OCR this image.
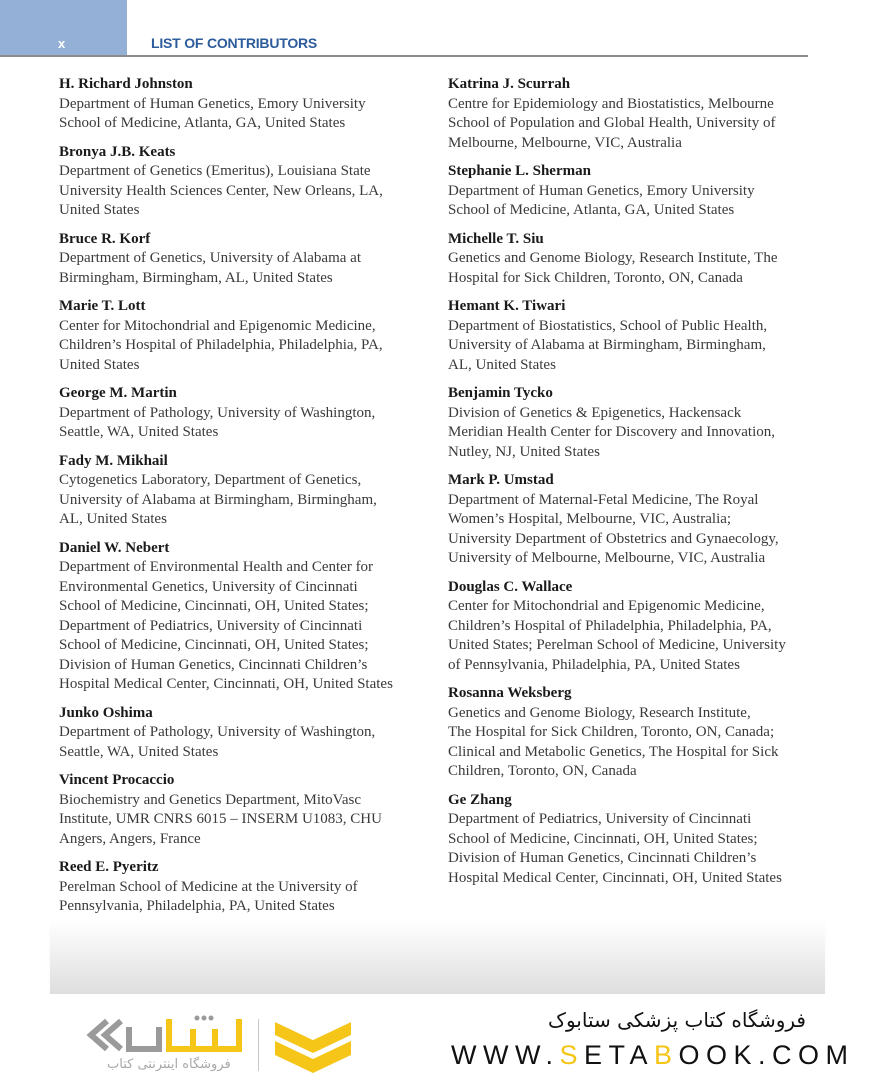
x	LIST OF CONTRIBUTORS
H. Richard Johnston
Department of Human Genetics, Emory University
School of Medicine, Atlanta, GA, United States
Bronya J.B. Keats
Department of Genetics (Emeritus), Louisiana State
University Health Sciences Center, New Orleans, LA,
United States
Bruce R. Korf
Department of Genetics, University of Alabama at
Birmingham, Birmingham, AL, United States
Marie T. Lott
Center for Mitochondrial and Epigenomic Medicine,
Children’s Hospital of Philadelphia, Philadelphia, PA,
United States
George M. Martin
Department of Pathology, University of Washington,
Seattle, WA, United States
Fady M. Mikhail
Cytogenetics Laboratory, Department of Genetics,
University of Alabama at Birmingham, Birmingham,
AL, United States
Daniel W. Nebert
Department of Environmental Health and Center for
Environmental Genetics, University of Cincinnati
School of Medicine, Cincinnati, OH, United States;
Department of Pediatrics, University of Cincinnati
School of Medicine, Cincinnati, OH, United States;
Division of Human Genetics, Cincinnati Children’s
Hospital Medical Center, Cincinnati, OH, United States
Junko Oshima
Department of Pathology, University of Washington,
Seattle, WA, United States
Vincent Procaccio
Biochemistry and Genetics Department, MitoVasc
Institute, UMR CNRS 6015 – INSERM U1083, CHU
Angers, Angers, France
Reed E. Pyeritz
Perelman School of Medicine at the University of
Pennsylvania, Philadelphia, PA, United States
Katrina J. Scurrah
Centre for Epidemiology and Biostatistics, Melbourne
School of Population and Global Health, University of
Melbourne, Melbourne, VIC, Australia
Stephanie L. Sherman
Department of Human Genetics, Emory University
School of Medicine, Atlanta, GA, United States
Michelle T. Siu
Genetics and Genome Biology, Research Institute, The
Hospital for Sick Children, Toronto, ON, Canada
Hemant K. Tiwari
Department of Biostatistics, School of Public Health,
University of Alabama at Birmingham, Birmingham,
AL, United States
Benjamin Tycko
Division of Genetics & Epigenetics, Hackensack
Meridian Health Center for Discovery and Innovation,
Nutley, NJ, United States
Mark P. Umstad
Department of Maternal-Fetal Medicine, The Royal
Women’s Hospital, Melbourne, VIC, Australia;
University Department of Obstetrics and Gynaecology,
University of Melbourne, Melbourne, VIC, Australia
Douglas C. Wallace
Center for Mitochondrial and Epigenomic Medicine,
Children’s Hospital of Philadelphia, Philadelphia, PA,
United States; Perelman School of Medicine, University
of Pennsylvania, Philadelphia, PA, United States
Rosanna Weksberg
Genetics and Genome Biology, Research Institute,
The Hospital for Sick Children, Toronto, ON, Canada;
Clinical and Metabolic Genetics, The Hospital for Sick
Children, Toronto, ON, Canada
Ge Zhang
Department of Pediatrics, University of Cincinnati
School of Medicine, Cincinnati, OH, United States;
Division of Human Genetics, Cincinnati Children’s
Hospital Medical Center, Cincinnati, OH, United States
فروشگاه اینترنتی کتاب
فروشگاه کتاب پزشکی ستابوک
WWW.SETABOOK.COM
